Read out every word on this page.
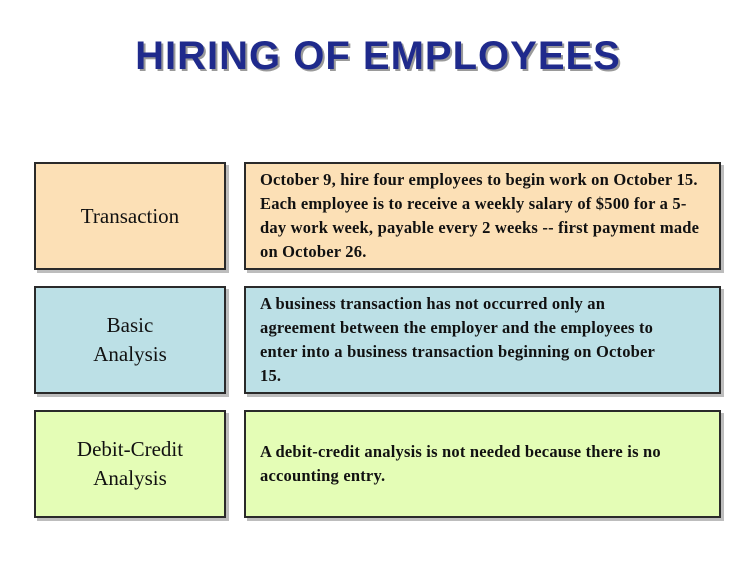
HIRING OF EMPLOYEES
Transaction
October 9, hire four employees to begin work on October 15. Each employee is to receive a weekly salary of $500 for a 5-day work week, payable every 2 weeks -- first payment made on October 26.
Basic Analysis
A business transaction has not occurred only an agreement between the employer and the employees to enter into a business transaction beginning on October 15.
Debit-Credit Analysis
A debit-credit analysis is not needed because there is no accounting entry.
